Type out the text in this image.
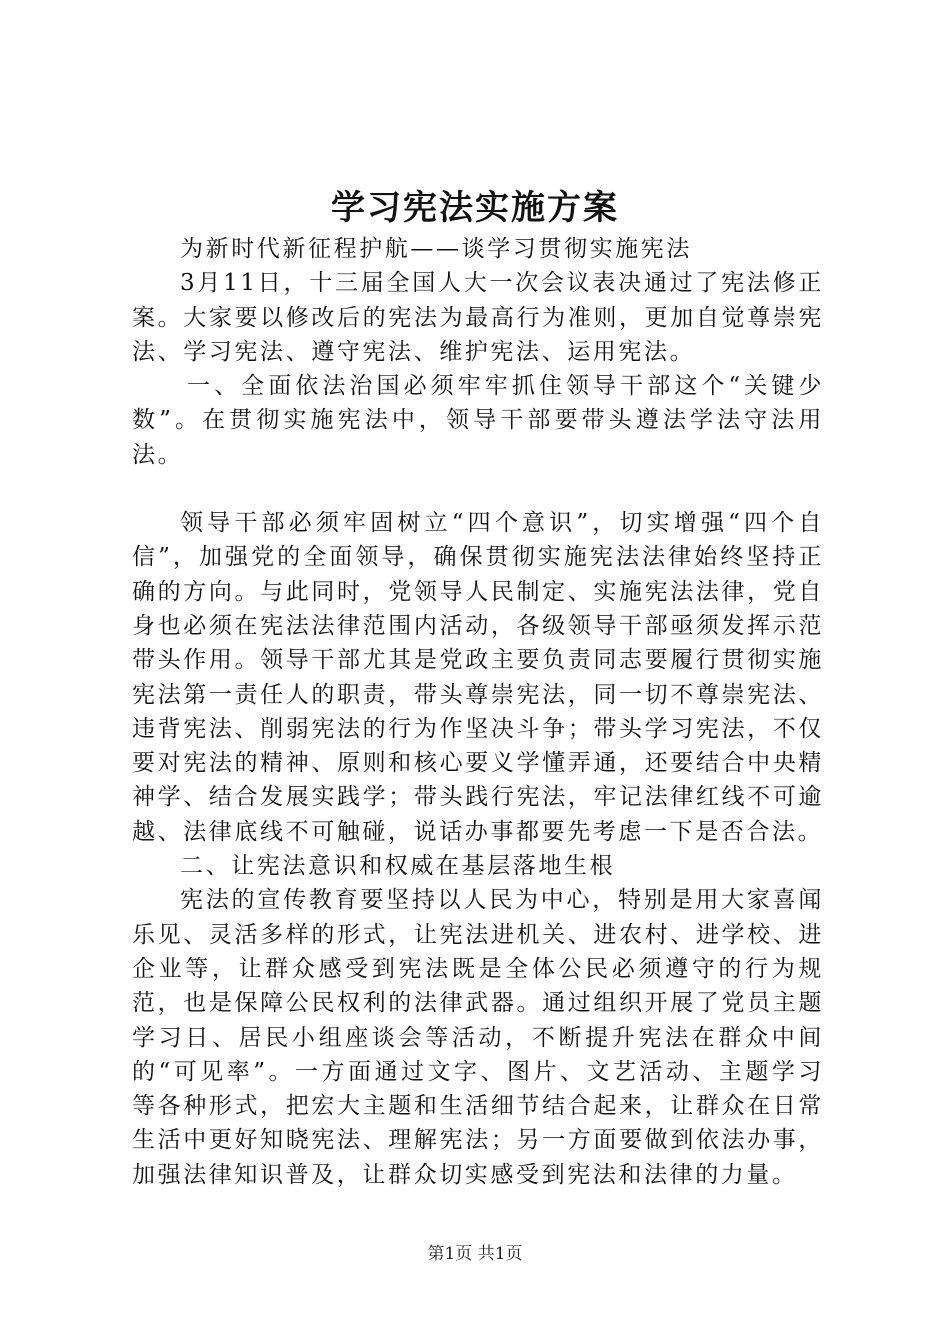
学习宪法实施方案

为新时代新征程护航——谈学习贯彻实施宪法

3月11日，十三届全国人大一次会议表决通过了宪法修正案。大家要以修改后的宪法为最高行为准则，更加自觉尊崇宪法、学习宪法、遵守宪法、维护宪法、运用宪法。

一、全面依法治国必须牢牢抓住领导干部这个“关键少数”。在贯彻实施宪法中，领导干部要带头遵法学法守法用法。

领导干部必须牢固树立“四个意识”，切实增强“四个自信”，加强党的全面领导，确保贯彻实施宪法法律始终坚持正确的方向。与此同时，党领导人民制定、实施宪法法律，党自身也必须在宪法法律范围内活动，各级领导干部亟须发挥示范带头作用。领导干部尤其是党政主要负责同志要履行贯彻实施宪法第一责任人的职责，带头尊崇宪法，同一切不尊崇宪法、违背宪法、削弱宪法的行为作坚决斗争；带头学习宪法，不仅要对宪法的精神、原则和核心要义学懂弄通，还要结合中央精神学、结合发展实践学；带头践行宪法，牢记法律红线不可逾越、法律底线不可触碰，说话办事都要先考虑一下是否合法。

二、让宪法意识和权威在基层落地生根

宪法的宣传教育要坚持以人民为中心，特别是用大家喜闻乐见、灵活多样的形式，让宪法进机关、进农村、进学校、进企业等，让群众感受到宪法既是全体公民必须遵守的行为规范，也是保障公民权利的法律武器。通过组织开展了党员主题学习日、居民小组座谈会等活动，不断提升宪法在群众中间的“可见率”。一方面通过文字、图片、文艺活动、主题学习等各种形式，把宏大主题和生活细节结合起来，让群众在日常生活中更好知晓宪法、理解宪法；另一方面要做到依法办事，加强法律知识普及，让群众切实感受到宪法和法律的力量。

第1页 共1页
